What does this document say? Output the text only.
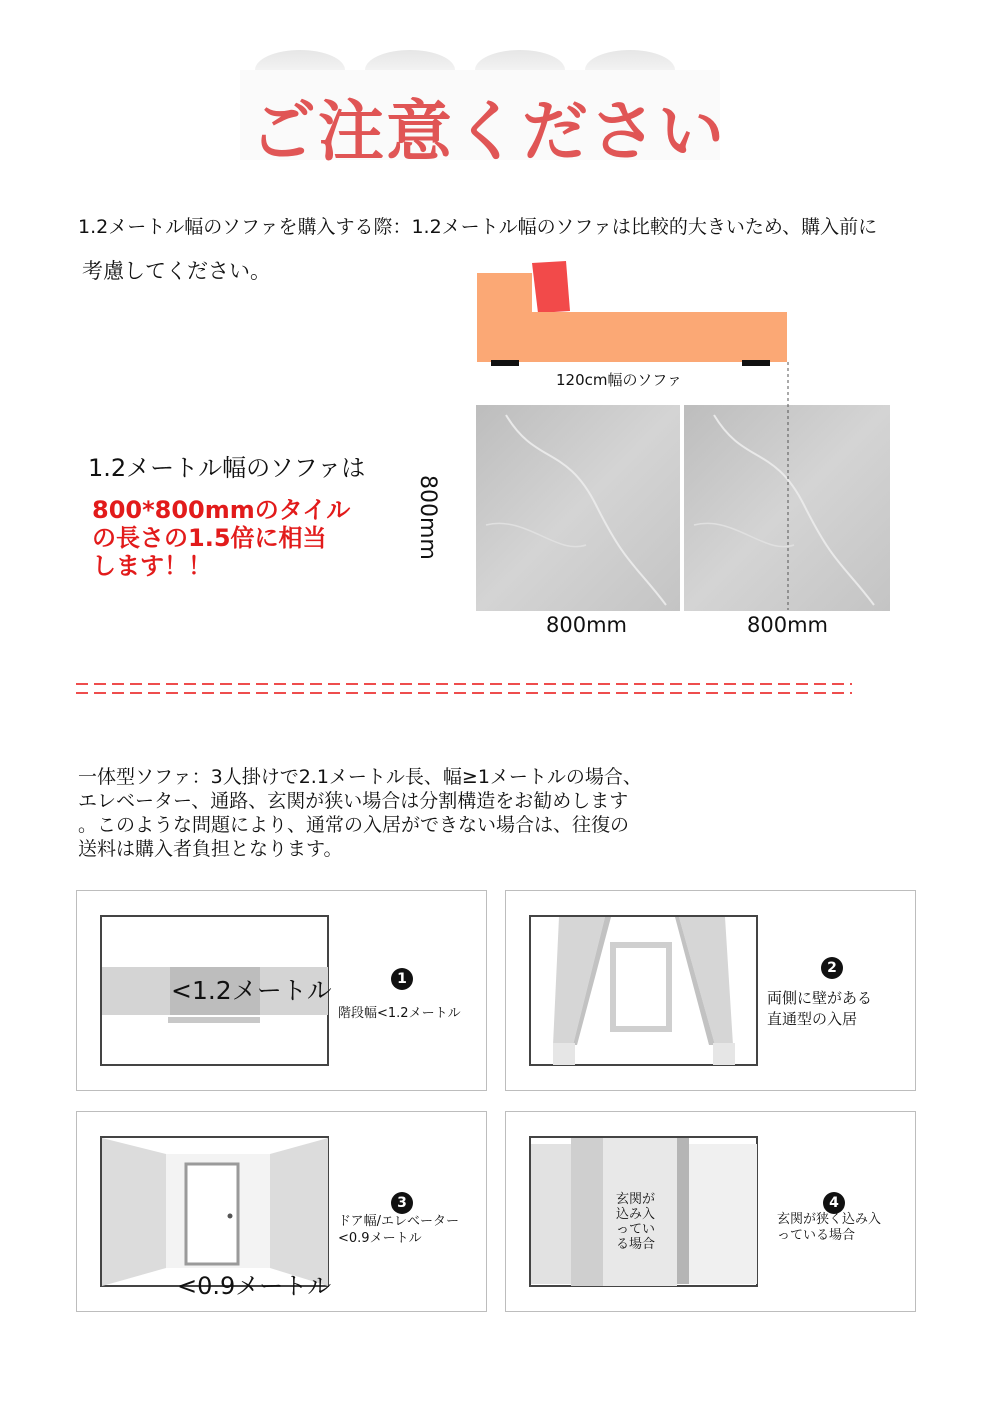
ご注意ください
1.2メートル幅のソファを購入する際：1.2メートル幅のソファは比較的大きいため、購入前に
考慮してください。
120cm幅のソファ
800mm
800mm	800mm
1.2メートル幅のソファは
800*800mmのタイル
の長さの1.5倍に相当
します！！
一体型ソファ：3人掛けで2.1メートル長、幅≥1メートルの場合、
エレベーター、通路、玄関が狭い場合は分割構造をお勧めします
。このような問題により、通常の入居ができない場合は、往復の
送料は購入者負担となります。
<1.2メートル	1
階段幅<1.2メートル
2
両側に壁がある
直通型の入居
<0.9メートル
3
ドア幅/エレベーター
<0.9メートル
玄関が
込み入
ってい
る場合
4
玄関が狭く込み入
っている場合
